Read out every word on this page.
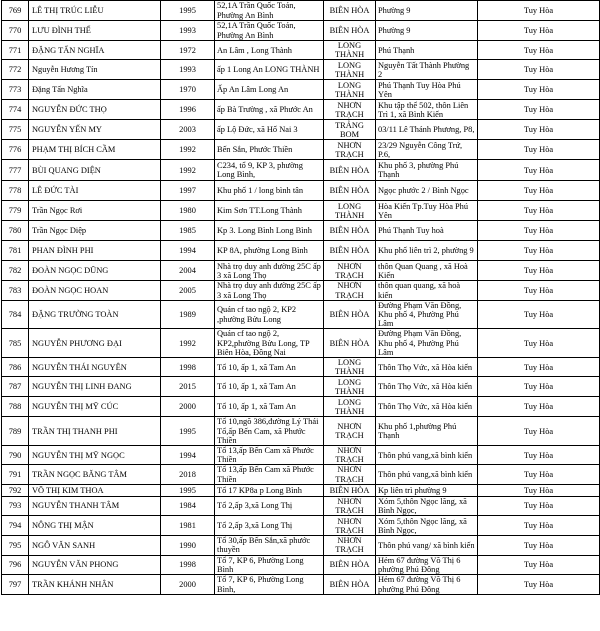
769	LÊ THỊ TRÚC LIỄU	1995	52,1A Trần Quốc Toản, Phường An Bình	BIÊN HÒA	Phường 9	Tuy Hòa
770	LƯU ĐÌNH THẾ	1993	52,1A Trần Quốc Toản, Phường An Bình	BIÊN HÒA	Phường 9	Tuy Hòa
771	ĐẶNG TẤN NGHĨA	1972	An Lâm , Long Thành	LONG THÀNH	Phú Thạnh	Tuy Hòa
772	Nguyễn Hương Tín	1993	ấp 1 Long An LONG THÀNH	LONG THÀNH	Nguyễn Tất Thành Phường 2	Tuy Hòa
773	Đặng Tấn Nghĩa	1970	Ấp An Lâm Long An	LONG THÀNH	Phú Thạnh Tuy Hòa Phú Yên	Tuy Hòa
774	NGUYỄN ĐỨC THỌ	1996	ấp Bà Trường , xã Phước An	NHƠN TRẠCH	Khu tập thể 502, thôn Liên Trì 1, xã Bình Kiến	Tuy Hòa
775	NGUYỄN YẾN MY	2003	ấp Lộ Đức, xã Hố Nai 3	TRẢNG BOM	03/11 Lê Thánh Phương, P8,	Tuy Hòa
776	PHẠM THỊ BÍCH CẦM	1992	Bến Sắn, Phước Thiền	NHƠN TRẠCH	23/29 Nguyễn Công Trứ, P.6,	Tuy Hòa
777	BÙI QUANG DIỆN	1992	C234, tổ 9, KP 3, phường Long Bình,	BIÊN HÒA	Khu phố 3, phường Phú Thạnh	Tuy Hòa
778	LÊ ĐỨC TÀI	1997	Khu phố 1 / long bình tân	BIÊN HÒA	Ngọc phước 2 / Bình Ngọc	Tuy Hòa
779	Trần Ngọc Rơi	1980	Kim Sơn TT.Long Thành	LONG THÀNH	Hòa Kiến Tp.Tuy Hòa Phú Yên	Tuy Hòa
780	Trần Ngọc Diệp	1985	Kp 3. Long Bình Long Bình	BIÊN HÒA	Phú Thạnh Tuy hoà	Tuy Hòa
781	PHAN ĐÌNH PHI	1994	KP 8A, phường Long Bình	BIÊN HÒA	Khu phố liên trì 2, phường 9	Tuy Hòa
782	ĐOÀN NGỌC DŨNG	2004	Nhà trọ duy anh đường 25C ấp 3 xã Long Thọ	NHƠN TRẠCH	thôn Quan Quang , xã Hoà Kiến	Tuy Hòa
783	ĐOÀN NGỌC HOAN	2005	Nhà trọ duy anh đường 25C ấp 3 xã Long Thọ	NHƠN TRẠCH	thôn quan quang, xã hoà kiến	Tuy Hòa
784	ĐẶNG TRƯỜNG TOÀN	1989	Quán cf tao ngộ 2, KP2 ,phường Bửu Long	BIÊN HÒA	Đường Phạm Văn Đồng, Khu phố 4, Phường Phú Lâm	Tuy Hòa
785	NGUYỄN PHƯƠNG ĐẠI	1992	Quán cf tao ngộ 2, KP2,phường Bửu Long, TP Biên Hòa, Đồng Nai	BIÊN HÒA	Đường Phạm Văn Đồng, Khu phố 4, Phường Phú Lâm	Tuy Hòa
786	NGUYỄN THÁI NGUYÊN	1998	Tổ 10, ấp 1, xã Tam An	LONG THÀNH	Thôn Thọ Vức, xã Hòa kiến	Tuy Hòa
787	NGUYỄN THỊ LINH ĐANG	2015	Tổ 10, ấp 1, xã Tam An	LONG THÀNH	Thôn Thọ Vức, xã Hòa kiến	Tuy Hòa
788	NGUYỄN THỊ MỸ CÚC	2000	Tổ 10, ấp 1, xã Tam An	LONG THÀNH	Thôn Thọ Vức, xã Hòa kiến	Tuy Hòa
789	TRẦN THỊ THANH PHI	1995	Tổ 10,ngõ 386,đường Lý Thái Tổ,ấp Bến Cam, xã Phước Thiền	NHƠN TRẠCH	Khu phố 1,phường Phú Thạnh	Tuy Hòa
790	NGUYỄN THỊ MỸ NGỌC	1994	Tổ 13,ấp Bến Cam xã Phước Thiền	NHƠN TRẠCH	Thôn phú vang,xã bình kiến	Tuy Hòa
791	TRẦN NGỌC BĂNG TÂM	2018	Tổ 13,ấp Bến Cam xã Phước Thiền	NHƠN TRẠCH	Thôn phú vang,xã bình kiến	Tuy Hòa
792	VÕ THỊ KIM THOA	1995	Tổ 17 KP8a p Long Bình	BIÊN HÒA	Kp liên trì phường 9	Tuy Hòa
793	NGUYỄN THANH TÂM	1984	Tổ 2,ấp 3,xã Long Thị	NHƠN TRẠCH	Xóm 5,thôn Ngọc lãng, xã Bình Ngọc,	Tuy Hòa
794	NÔNG THỊ MẬN	1981	Tổ 2,ấp 3,xã Long Thị	NHƠN TRẠCH	Xóm 5,thôn Ngọc lãng, xã Bình Ngọc,	Tuy Hòa
795	NGÔ VĂN SANH	1990	Tổ 30,ấp Bến Sắn,xã phước thuyền	NHƠN TRẠCH	Thôn phú vang/ xã bình kiến	Tuy Hòa
796	NGUYỄN VĂN PHONG	1998	Tổ 7, KP 6, Phường Long Bình	BIÊN HÒA	Hẻm 67 đường Võ Thị 6 phường Phú Đông	Tuy Hòa
797	TRẦN KHÁNH NHÂN	2000	Tổ 7, KP 6, Phường Long Bình,	BIÊN HÒA	Hẻm 67 đường Võ Thị 6 phường Phú Đông	Tuy Hòa
